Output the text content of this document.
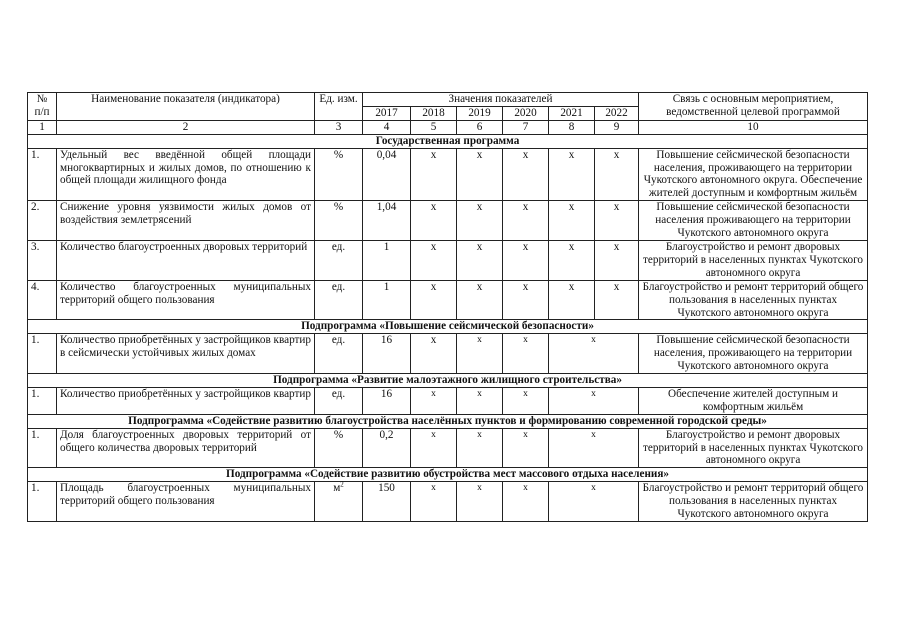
№ п/п	Наименование показателя (индикатора)	Ед. изм.	Значения показателей						Связь с основным мероприятием, ведомственной целевой программой
			2017	2018	2019	2020	2021	2022	
1	2	3	4	5	6	7	8	9	10
Государственная программа									
1.	Удельный вес введённой общей площади многоквартирных и жилых домов, по отношению к общей площади жилищного фонда	%	0,04	х	х	х	х	х	Повышение сейсмической безопасности населения, проживающего на территории Чукотского автономного округа. Обеспечение жителей доступным и комфортным жильём
2.	Снижение уровня уязвимости жилых домов от воздействия землетрясений	%	1,04	х	х	х	х	х	Повышение сейсмической безопасности населения проживающего на территории Чукотского автономного округа
3.	Количество благоустроенных дворовых территорий	ед.	1	х	х	х	х	х	Благоустройство и ремонт дворовых территорий в населенных пунктах Чукотского автономного округа
4.	Количество благоустроенных муниципальных территорий общего пользования	ед.	1	х	х	х	х	х	Благоустройство и ремонт территорий общего пользования в населенных пунктах Чукотского автономного округа
Подпрограмма «Повышение сейсмической безопасности»									
1.	Количество приобретённых у застройщиков квартир в сейсмически устойчивых жилых домах	ед.	16	х	х	х	х		Повышение сейсмической безопасности населения, проживающего на территории Чукотского автономного округа
Подпрограмма «Развитие малоэтажного жилищного строительства»									
1.	Количество приобретённых у застройщиков квартир	ед.	16	х	х	х	х		Обеспечение жителей доступным и комфортным жильём
Подпрограмма «Содействие развитию благоустройства населённых пунктов и формированию современной городской среды»									
1.	Доля благоустроенных дворовых территорий от общего количества дворовых территорий	%	0,2	х	х	х	х		Благоустройство и ремонт дворовых территорий в населенных пунктах Чукотского автономного округа
Подпрограмма «Содействие развитию обустройства мест массового отдыха населения»									
1.	Площадь благоустроенных муниципальных территорий общего пользования	$м^2$	150	х	х	х	х		Благоустройство и ремонт территорий общего пользования в населенных пунктах Чукотского автономного округа
